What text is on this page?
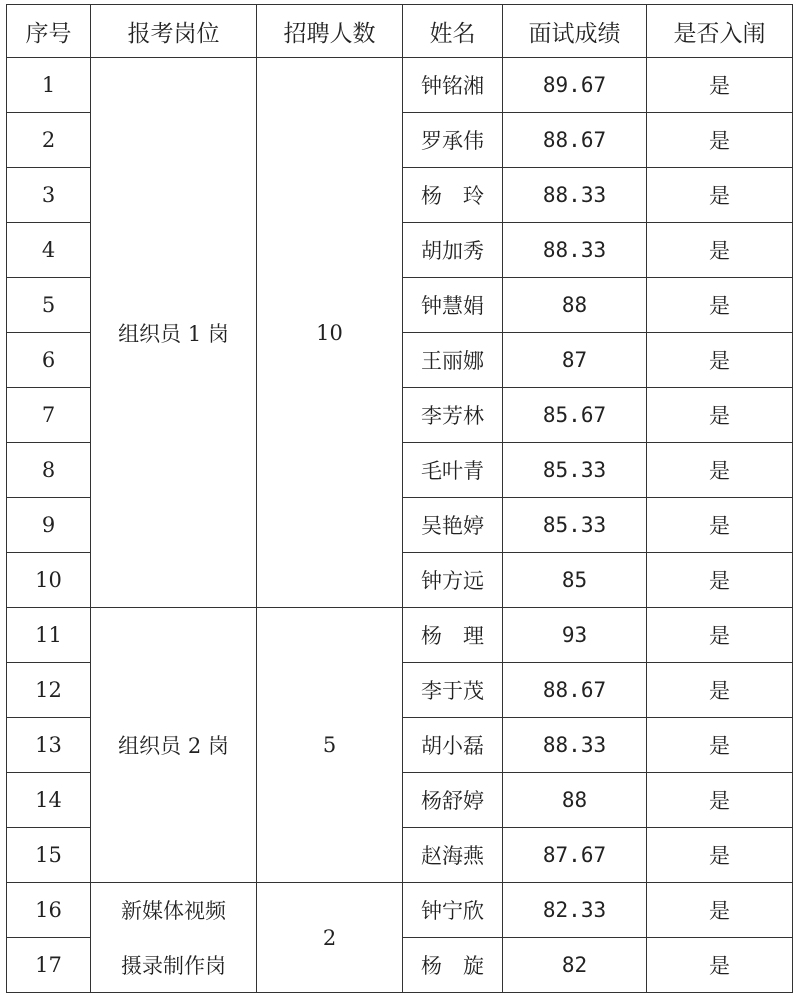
序号	报考岗位	招聘人数	姓名	面试成绩	是否入闱
1	组织员 1 岗	10	钟铭湘	89.67	是
2			罗承伟	88.67	是
3			杨　玲	88.33	是
4			胡加秀	88.33	是
5			钟慧娟	88	是
6			王丽娜	87	是
7			李芳林	85.67	是
8			毛叶青	85.33	是
9			吴艳婷	85.33	是
10			钟方远	85	是
11	组织员 2 岗	5	杨　理	93	是
12			李于茂	88.67	是
13			胡小磊	88.33	是
14			杨舒婷	88	是
15			赵海燕	87.67	是
16	新媒体视频	2	钟宁欣	82.33	是
17	摄录制作岗		杨　旋	82	是
